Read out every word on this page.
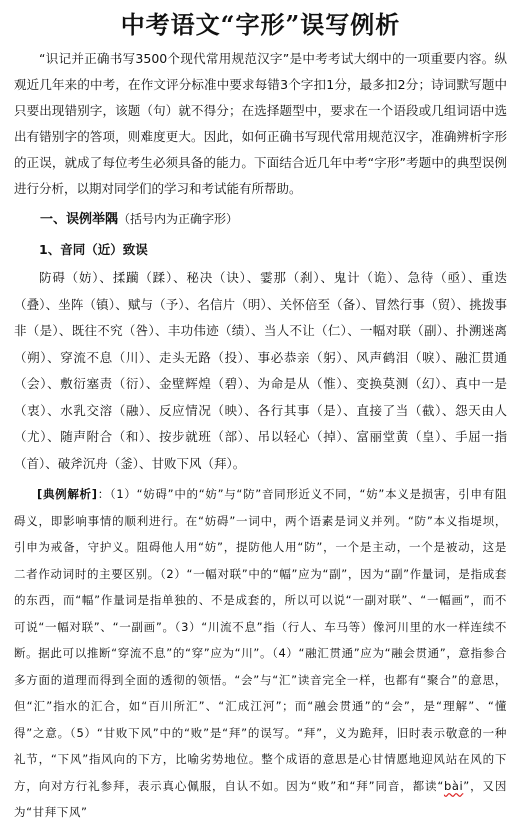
中考语文“字形”误写例析

“识记并正确书写3500个现代常用规范汉字”是中考考试大纲中的一项重要内容。纵观近几年来的中考，在作文评分标准中要求每错3个字扣1分，最多扣2分；诗词默写题中只要出现错别字，该题（句）就不得分；在选择题型中，要求在一个语段或几组词语中选出有错别字的答项，则难度更大。因此，如何正确书写现代常用规范汉字，准确辨析字形的正误，就成了每位考生必须具备的能力。下面结合近几年中考“字形”考题中的典型误例进行分析，以期对同学们的学习和考试能有所帮助。

一、误例举隅（括号内为正确字形）
1、音同（近）致误

防碍（妨）、揉躏（蹂）、秘决（诀）、霎那（刹）、鬼计（诡）、急待（亟）、重迭（叠）、坐阵（镇）、赋与（予）、名信片（明）、关怀倍至（备）、冒然行事（贸）、挑拨事非（是）、既往不究（咎）、丰功伟迹（绩）、当人不让（仁）、一幅对联（副）、扑溯迷离（朔）、穿流不息（川）、走头无路（投）、事必恭亲（躬）、风声鹤泪（唳）、融汇贯通（会）、敷衍塞责（衍）、金壁辉煌（碧）、为命是从（惟）、变换莫测（幻）、真中一是（衷）、水乳交溶（融）、反应情况（映）、各行其事（是）、直接了当（截）、怨天由人（尤）、随声附合（和）、按步就班（部）、吊以轻心（掉）、富丽堂黄（皇）、手屈一指（首）、破斧沉舟（釜）、甘败下风（拜）。

[典例解析]：（1）“妨碍”中的“妨”与“防”音同形近义不同，“妨”本义是损害，引申有阻碍义，即影响事情的顺利进行。在“妨碍”一词中，两个语素是词义并列。“防”本义指堤坝，引申为戒备，守护义。阻碍他人用“妨”，提防他人用“防”，一个是主动，一个是被动，这是二者作动词时的主要区别。（2）“一幅对联”中的“幅”应为“副”，因为“副”作量词，是指成套的东西，而“幅”作量词是指单独的、不是成套的，所以可以说“一副对联”、“一幅画”，而不可说“一幅对联”、“一副画”。（3）“川流不息”指（行人、车马等）像河川里的水一样连续不断。据此可以推断“穿流不息”的“穿”应为“川”。（4）“融汇贯通”应为“融会贯通”，意指参合多方面的道理而得到全面的透彻的领悟。“会”与“汇”读音完全一样，也都有“聚合”的意思，但“汇”指水的汇合，如“百川所汇”、“汇成江河”；而“融会贯通”的“会”，是“理解”、“懂得”之意。（5）“甘败下风”中的“败”是“拜”的误写。“拜”，义为跪拜，旧时表示敬意的一种礼节，“下风”指风向的下方，比喻劣势地位。整个成语的意思是心甘情愿地迎风站在风的下方，向对方行礼参拜，表示真心佩服，自认不如。因为“败”和“拜”同音，都读“bài”，又因为“甘拜下风”
